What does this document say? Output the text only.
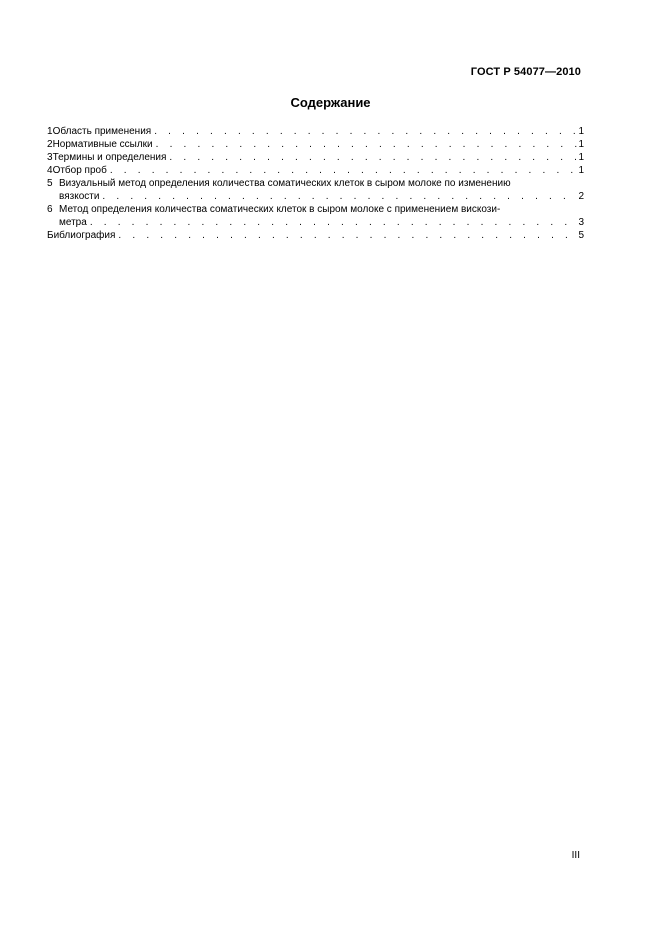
ГОСТ Р 54077—2010
Содержание
1 Область применения . . .	1
2 Нормативные ссылки . . .	1
3 Термины и определения . . .	1
4 Отбор проб . . .	1
5 Визуальный метод определения количества соматических клеток в сыром молоке по изменению
вязкости . . .	2
6 Метод определения количества соматических клеток в сыром молоке с применением вискози-
метра . . .	3
Библиография . . .	5
III
